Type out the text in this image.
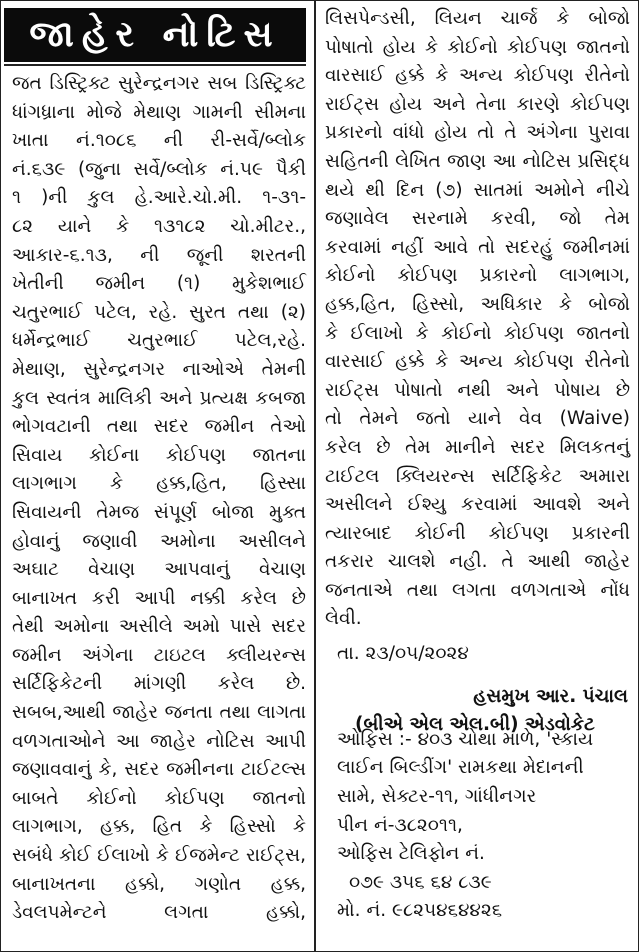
જાહેર નોટિસ
જત ડિસ્ટ્રિક્ટ સુરેન્દ્રનગર સબ ડિસ્ટ્રિક્ટ
ધાંગધ્રાના મોજે મેથાણ ગામની સીમના
ખાતા નં.૧૦૮૬ ની રી-સર્વે/બ્લોક
નં.૬૩૯ (જુના સર્વે/બ્લોક નં.૫૯ પૈકી
૧ )ની કુલ હે.આરે.ચો.મી. ૧-૩૧-
૮૨ યાને કે ૧૩૧૮૨ ચો.મીટર.,
આકાર-૬.૧૩, ની જૂની શરતની
ખેતીની જમીન (૧) મુકેશભાઈ
ચતુરભાઈ પટેલ, રહે. સુરત તથા (૨)
ધર્મેન્દ્રભાઈ ચતુરભાઈ પટેલ,રહે.
મેથાણ, સુરેન્દ્રનગર નાઓએ તેમની
કુલ સ્વતંત્ર માલિકી અને પ્રત્યક્ષ કબજા
ભોગવટાની તથા સદર જમીન તેઓ
સિવાય કોઈના કોઈપણ જાતના
લાગભાગ કે હક્ક,હિત, હિસ્સા
સિવાયની તેમજ સંપૂર્ણ બોજા મુક્ત
હોવાનું જણાવી અમોના અસીલને
અઘાટ વેચાણ આપવાનું વેચાણ
બાનાખત કરી આપી નક્કી કરેલ છે
તેથી અમોના અસીલે અમો પાસે સદર
જમીન અંગેના ટાઇટલ ક્લીયરન્સ
સર્ટિફિકેટની માંગણી કરેલ છે.
સબબ,આથી જાહેર જનતા તથા લાગતા
વળગતાઓને આ જાહેર નોટિસ આપી
જણાવવાનું કે, સદર જમીનના ટાઈટલ્સ
બાબતે કોઈનો કોઈપણ જાતનો
લાગભાગ, હક્ક, હિત કે હિસ્સો કે
સબંધે કોઈ ઈલાખો કે ઈજમેન્ટ રાઈટ્સ,
બાનાખતના હક્કો, ગણોત હક્ક,
ડેવલપમેન્ટને લગતા હક્કો,
લિસપેન્ડસી, લિયન ચાર્જ કે બોજો
પોષાતો હોય કે કોઈનો કોઈપણ જાતનો
વારસાઈ હક્કે કે અન્ય કોઈપણ રીતેનો
રાઈટ્સ હોય અને તેના કારણે કોઈપણ
પ્રકારનો વાંધો હોય તો તે અંગેના પુરાવા
સહિતની લેખિત જાણ આ નોટિસ પ્રસિદ્ધ
થયે થી દિન (૭) સાતમાં અમોને નીચે
જણાવેલ સરનામે કરવી, જો તેમ
કરવામાં નહીં આવે તો સદરહું જમીનમાં
કોઈનો કોઈપણ પ્રકારનો લાગભાગ,
હક્ક,હિત, હિસ્સો, અધિકાર કે બોજો
કે ઈલાખો કે કોઈનો કોઈપણ જાતનો
વારસાઈ હક્કે કે અન્ય કોઈપણ રીતેનો
રાઈટ્સ પોષાતો નથી અને પોષાય છે
તો તેમને જતો યાને વેવ (Waive)
કરેલ છે તેમ માનીને સદર મિલકતનું
ટાઈટલ ક્લિયરન્સ સર્ટિફિકેટ અમારા
અસીલને ઈશ્યુ કરવામાં આવશે અને
ત્યારબાદ કોઈની કોઈપણ પ્રકારની
તકરાર ચાલશે નહી. તે આથી જાહેર
જનતાએ તથા લગતા વળગતાએ નોંધ
લેવી.
તા. ૨૩/૦૫/૨૦૨૪
ઓફિસ :- ૪૦૩ ચોથા માળે, 'સ્કાય
લાઈન બિલ્ડીંગ' રામકથા મેદાનની
સામે, સેક્ટર-૧૧, ગાંધીનગર
પીન નં-૩૮૨૦૧૧,
ઓફિસ ટેલિફોન નં.
૦૭૯ ૩૫૬ ૬૪ ૮૩૯
મો. નં. ૯૮૨૫૪૬૪૪૨૬
હસમુખ આર. પંચાલ
(બીએ એલ એલ.બી) એડવોકેટ
